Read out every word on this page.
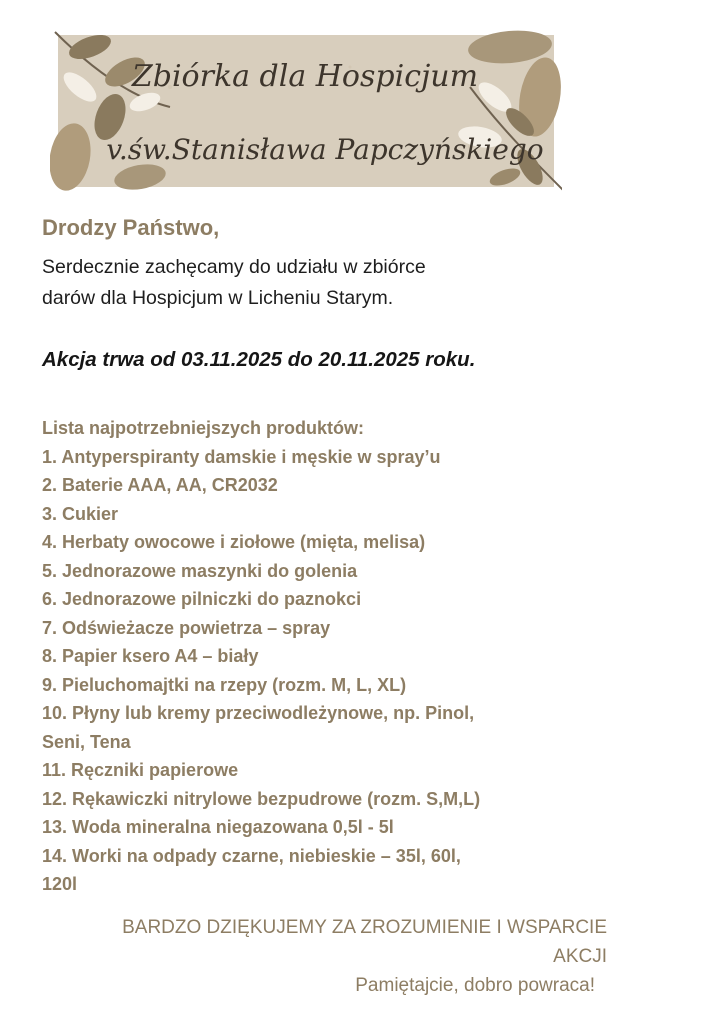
Zbiórka dla Hospicjum
v.św.Stanisława Papczyńskiego
Drodzy Państwo,
Serdecznie zachęcamy do udziału w zbiórce
darów dla Hospicjum w Licheniu Starym.
Akcja trwa od 03.11.2025 do 20.11.2025 roku.
Lista najpotrzebniejszych produktów:
1. Antyperspiranty damskie i męskie w spray’u
2. Baterie AAA, AA, CR2032
3. Cukier
4. Herbaty owocowe i ziołowe (mięta, melisa)
5. Jednorazowe maszynki do golenia
6. Jednorazowe pilniczki do paznokci
7. Odświeżacze powietrza – spray
8. Papier ksero A4 – biały
9. Pieluchomajtki na rzepy (rozm. M, L, XL)
10. Płyny lub kremy przeciwodleżynowe, np. Pinol,
Seni, Tena
11. Ręczniki papierowe
12. Rękawiczki nitrylowe bezpudrowe (rozm. S,M,L)
13. Woda mineralna niegazowana 0,5l - 5l
14. Worki na odpady czarne, niebieskie – 35l, 60l,
120l
BARDZO DZIĘKUJEMY ZA ZROZUMIENIE I WSPARCIE
AKCJI
Pamiętajcie, dobro powraca!
